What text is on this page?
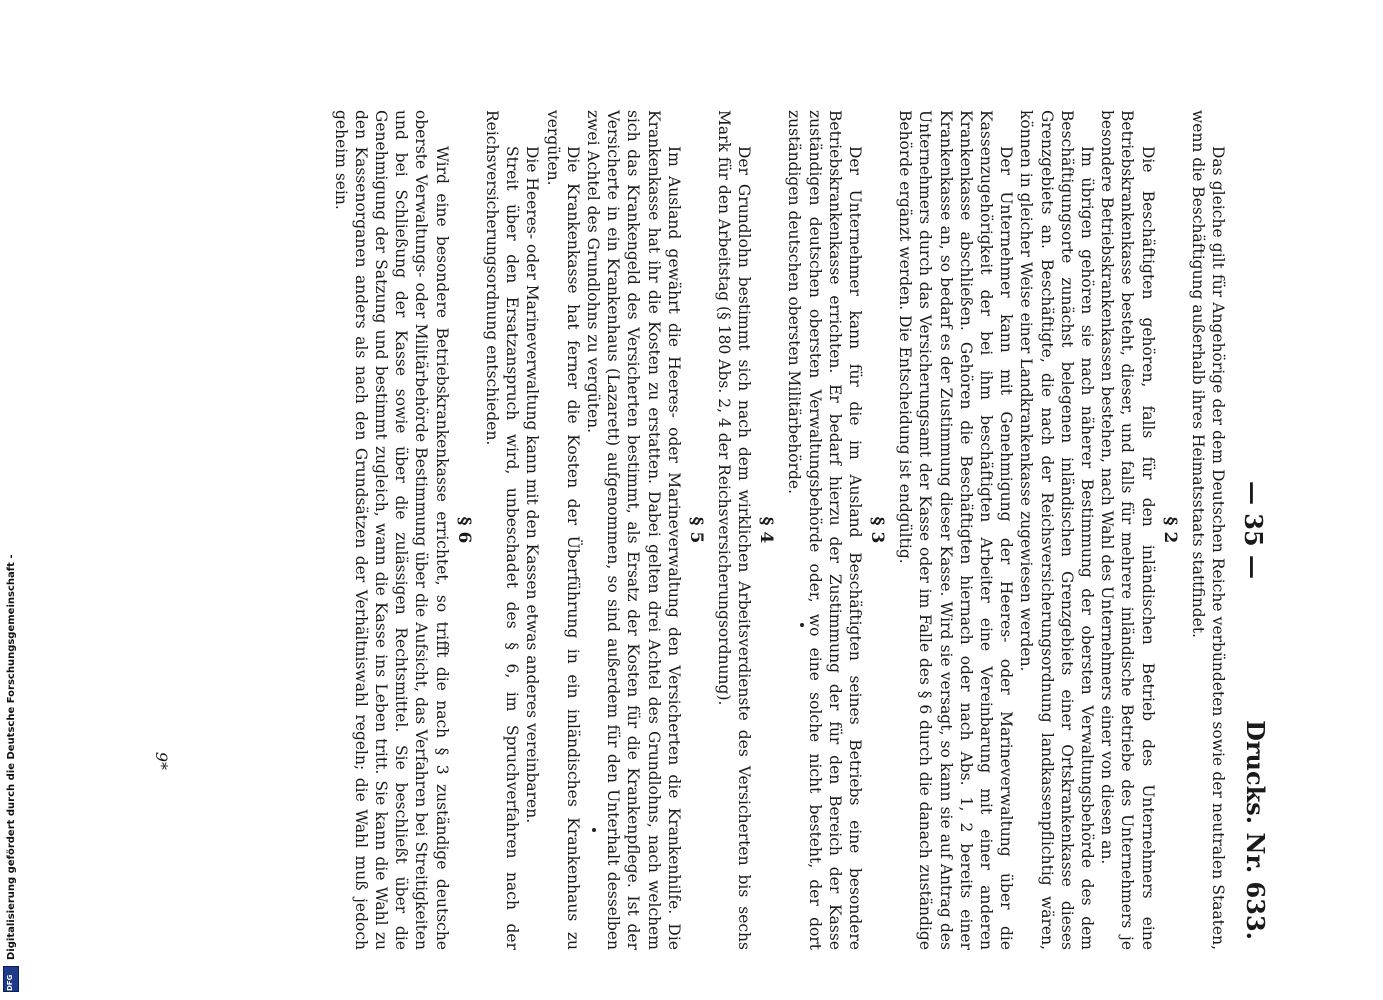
— 35 —
Drucks. Nr. 633.

Das gleiche gilt für Angehörige der dem Deutschen Reiche verbündeten sowie der neutralen Staaten, wenn die Beschäftigung außerhalb ihres Heimatsstaats stattfindet.

§ 2

Die Beschäftigten gehören, falls für den inländischen Betrieb des Unternehmers eine Betriebskrankenkasse besteht, dieser, und falls für mehrere inländische Betriebe des Unternehmers je besondere Betriebskrankenkassen bestehen, nach Wahl des Unternehmers einer von diesen an.

Im übrigen gehören sie nach näherer Bestimmung der obersten Verwaltungsbehörde des dem Beschäftigungsorte zunächst belegenen inländischen Grenzgebiets einer Ortskrankenkasse dieses Grenzgebiets an. Beschäftigte, die nach der Reichsversicherungsordnung landkassenpflichtig wären, können in gleicher Weise einer Landkrankenkasse zugewiesen werden.

Der Unternehmer kann mit Genehmigung der Heeres- oder Marineverwaltung über die Kassenzugehörigkeit der bei ihm beschäftigten Arbeiter eine Vereinbarung mit einer anderen Krankenkasse abschließen. Gehören die Beschäftigten hiernach oder nach Abs. 1, 2 bereits einer Krankenkasse an, so bedarf es der Zustimmung dieser Kasse. Wird sie versagt, so kann sie auf Antrag des Unternehmers durch das Versicherungsamt der Kasse oder im Falle des § 6 durch die danach zuständige Behörde ergänzt werden. Die Entscheidung ist endgültig.

§ 3

Der Unternehmer kann für die im Ausland Beschäftigten seines Betriebs eine besondere Betriebskrankenkasse errichten. Er bedarf hierzu der Zustimmung der für den Bereich der Kasse zuständigen deutschen obersten Verwaltungsbehörde oder, wo eine solche nicht besteht, der dort zuständigen deutschen obersten Militärbehörde.

§ 4

Der Grundlohn bestimmt sich nach dem wirklichen Arbeitsverdienste des Versicherten bis sechs Mark für den Arbeitstag (§ 180 Abs. 2, 4 der Reichsversicherungsordnung).

§ 5

Im Ausland gewährt die Heeres- oder Marineverwaltung den Versicherten die Krankenhilfe. Die Krankenkasse hat ihr die Kosten zu erstatten. Dabei gelten drei Achtel des Grundlohns, nach welchem sich das Krankengeld des Versicherten bestimmt, als Ersatz der Kosten für die Krankenpflege. Ist der Versicherte in ein Krankenhaus (Lazarett) aufgenommen, so sind außerdem für den Unterhalt desselben zwei Achtel des Grundlohns zu vergüten.

Die Krankenkasse hat ferner die Kosten der Überführung in ein inländisches Krankenhaus zu vergüten.

Die Heeres- oder Marineverwaltung kann mit den Kassen etwas anderes vereinbaren.

Streit über den Ersatzanspruch wird, unbeschadet des § 6, im Spruchverfahren nach der Reichsversicherungsordnung entschieden.

§ 6

Wird eine besondere Betriebskrankenkasse errichtet, so trifft die nach § 3 zuständige deutsche oberste Verwaltungs- oder Militärbehörde Bestimmung über die Aufsicht, das Verfahren bei Streitigkeiten und bei Schließung der Kasse sowie über die zulässigen Rechtsmittel. Sie beschließt über die Genehmigung der Satzung und bestimmt zugleich, wann die Kasse ins Leben tritt. Sie kann die Wahl zu den Kassenorganen anders als nach den Grundsätzen der Verhältniswahl regeln; die Wahl muß jedoch geheim sein.

9*
Digitalisierung gefördert durch die Deutsche Forschungsgemeinschaft -
DFG
